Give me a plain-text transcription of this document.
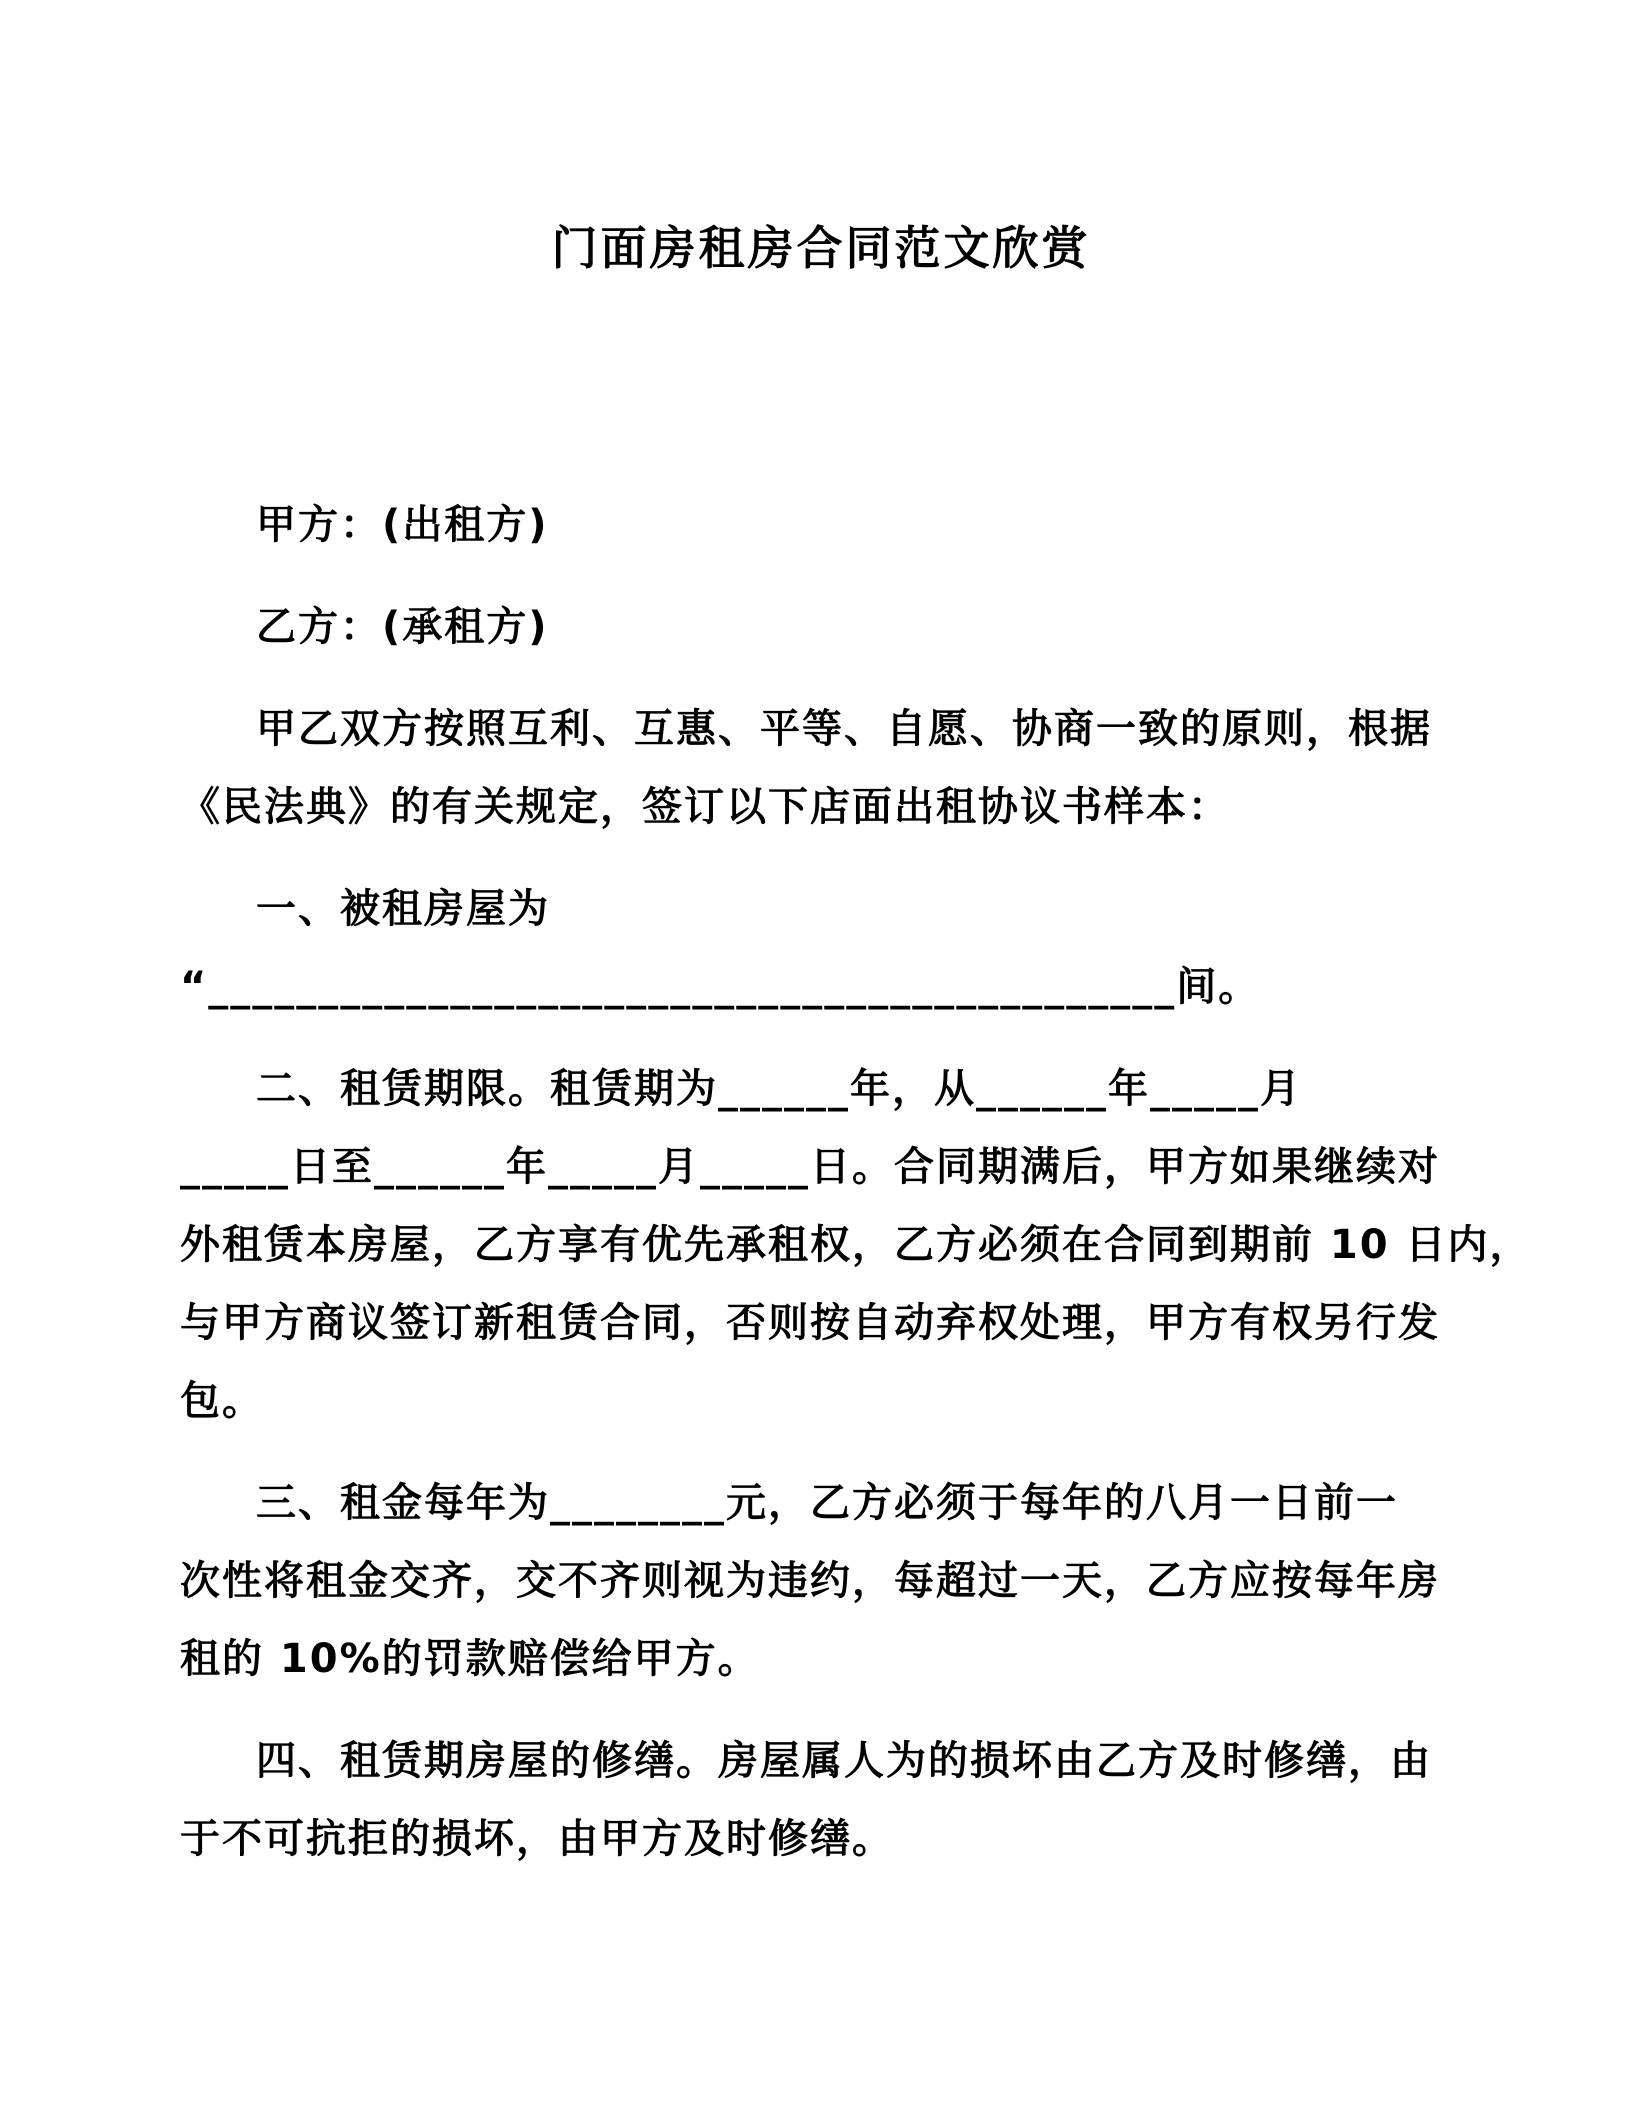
门面房租房合同范文欣赏
甲方：(出租方)
乙方：(承租方)
甲乙双方按照互利、互惠、平等、自愿、协商一致的原则，根据
《民法典》的有关规定，签订以下店面出租协议书样本：
一、被租房屋为
“____________________________________________间。
二、租赁期限。租赁期为______年，从______年_____月
_____日至______年_____月_____日。合同期满后，甲方如果继续对
外租赁本房屋，乙方享有优先承租权，乙方必须在合同到期前 10 日内，
与甲方商议签订新租赁合同，否则按自动弃权处理，甲方有权另行发
包。
三、租金每年为________元，乙方必须于每年的八月一日前一
次性将租金交齐，交不齐则视为违约，每超过一天，乙方应按每年房
租的 10%的罚款赔偿给甲方。
四、租赁期房屋的修缮。房屋属人为的损坏由乙方及时修缮，由
于不可抗拒的损坏，由甲方及时修缮。
